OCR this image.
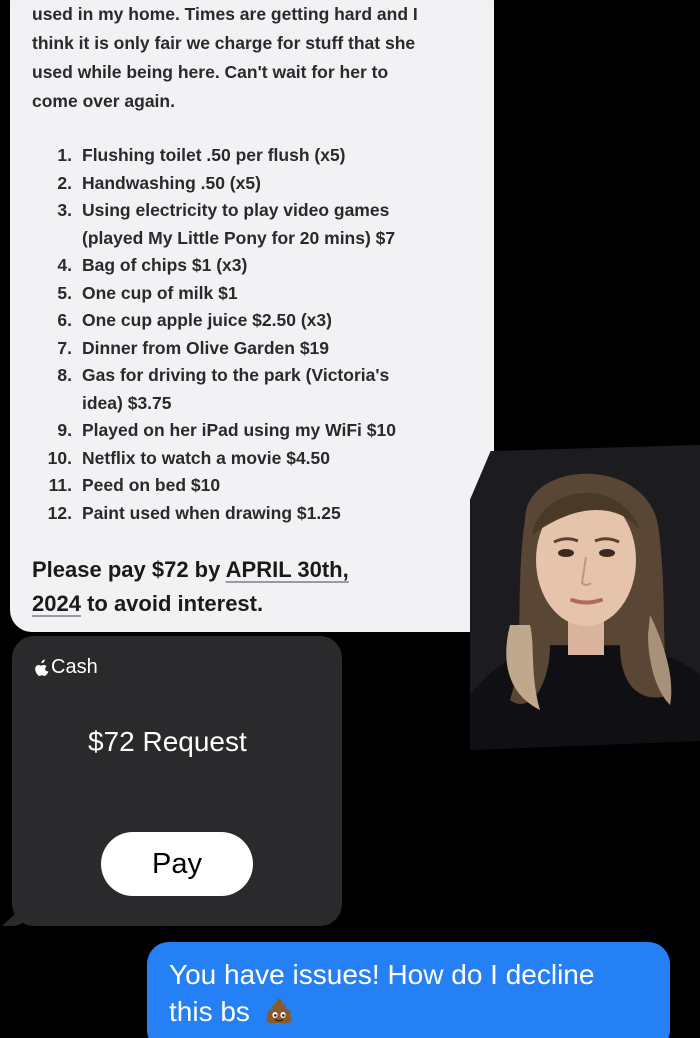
used in my home. Times are getting hard and I
think it is only fair we charge for stuff that she
used while being here. Can't wait for her to
come over again.

1. Flushing toilet .50 per flush (x5)
2. Handwashing .50 (x5)
3. Using electricity to play video games
(played My Little Pony for 20 mins) $7
4. Bag of chips $1 (x3)
5. One cup of milk $1
6. One cup apple juice $2.50 (x3)
7. Dinner from Olive Garden $19
8. Gas for driving to the park (Victoria's
idea) $3.75
9. Played on her iPad using my WiFi $10
10. Netflix to watch a movie $4.50
11. Peed on bed $10
12. Paint used when drawing $1.25
Please pay $72 by APRIL 30th,
2024 to avoid interest.
Cash
$72 Request
Pay
You have issues! How do I decline
this bs
